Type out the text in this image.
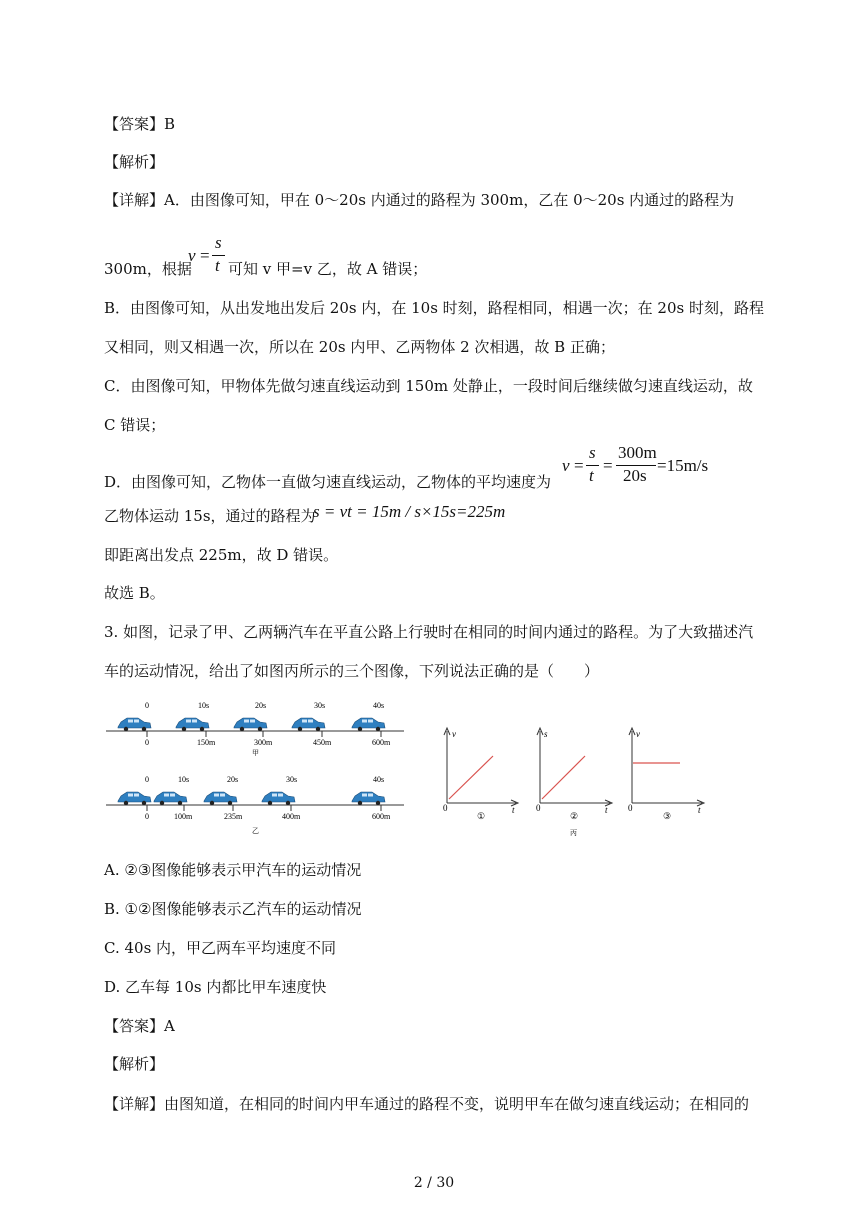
【答案】B
【解析】
【详解】A．由图像可知，甲在 0～20s 内通过的路程为 300m，乙在 0～20s 内通过的路程为
300m，根据
v =
s
t 可知 v 甲=v 乙，故 A 错误；
B．由图像可知，从出发地出发后 20s 内，在 10s 时刻，路程相同，相遇一次；在 20s 时刻，路程
又相同，则又相遇一次，所以在 20s 内甲、乙两物体 2 次相遇，故 B 正确；
C．由图像可知，甲物体先做匀速直线运动到 150m 处静止，一段时间后继续做匀速直线运动，故
C 错误；
D．由图像可知，乙物体一直做匀速直线运动，乙物体的平均速度为
v =
s
t
=
300m
20s
=15m/s
乙物体运动 15s，通过的路程为
s = vt = 15m / s×15s=225m
即距离出发点 225m，故 D 错误。
故选 B。
3. 如图，记录了甲、乙两辆汽车在平直公路上行驶时在相同的时间内通过的路程。为了大致描述汽
车的运动情况，给出了如图丙所示的三个图像，下列说法正确的是（　　）
0	10s	20s	30s	40s
0	150m	300m	450m	600m
甲
0	10s	20s	30s	40s
0	100m	235m	400m	600m
乙
v
t
0
①
s
t
0
②
丙
v
t
0
③
A. ②③图像能够表示甲汽车的运动情况
B. ①②图像能够表示乙汽车的运动情况
C. 40s 内，甲乙两车平均速度不同
D. 乙车每 10s 内都比甲车速度快
【答案】A
【解析】
【详解】由图知道，在相同的时间内甲车通过的路程不变，说明甲车在做匀速直线运动；在相同的
2 / 30
